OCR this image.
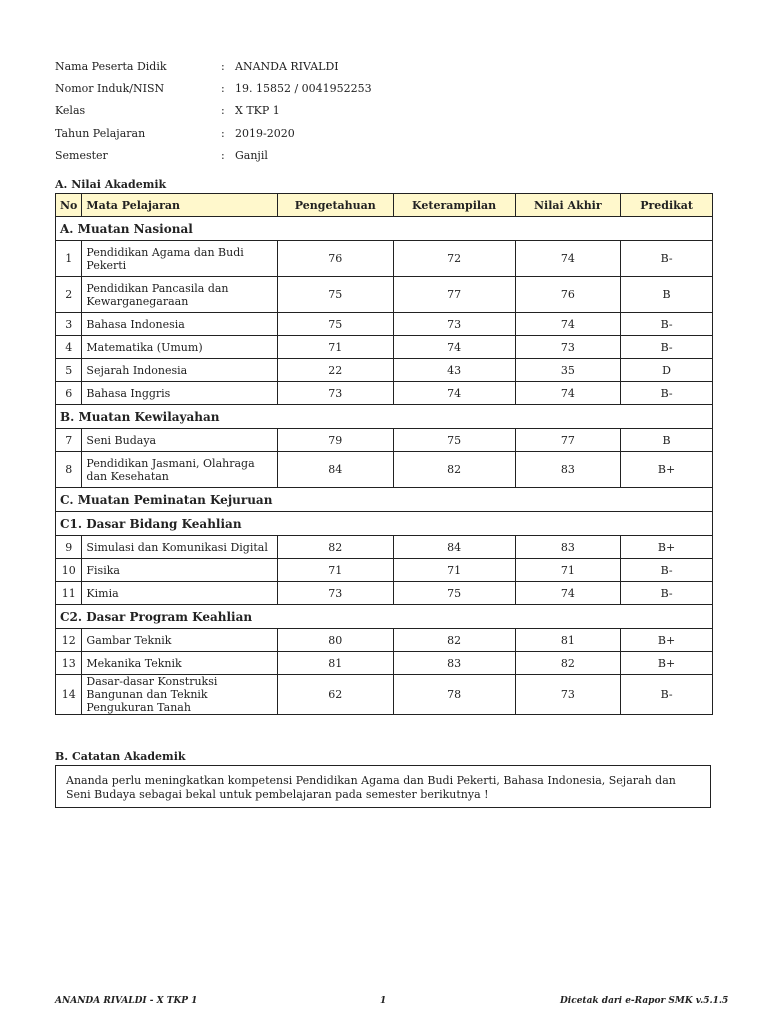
Nama Peserta Didik	: ANANDA RIVALDI
Nomor Induk/NISN	: 19. 15852 / 0041952253
Kelas	: X TKP 1
Tahun Pelajaran	: 2019-2020
Semester	: Ganjil
A. Nilai Akademik
No	Mata Pelajaran	Pengetahuan	Keterampilan	Nilai Akhir	Predikat
A. Muatan Nasional					
1	Pendidikan Agama dan Budi Pekerti	76	72	74	B-
2	Pendidikan Pancasila dan Kewarganegaraan	75	77	76	B
3	Bahasa Indonesia	75	73	74	B-
4	Matematika (Umum)	71	74	73	B-
5	Sejarah Indonesia	22	43	35	D
6	Bahasa Inggris	73	74	74	B-
B. Muatan Kewilayahan					
7	Seni Budaya	79	75	77	B
8	Pendidikan Jasmani, Olahraga dan Kesehatan	84	82	83	B+
C. Muatan Peminatan Kejuruan					
C1. Dasar Bidang Keahlian					
9	Simulasi dan Komunikasi Digital	82	84	83	B+
10	Fisika	71	71	71	B-
11	Kimia	73	75	74	B-
C2. Dasar Program Keahlian					
12	Gambar Teknik	80	82	81	B+
13	Mekanika Teknik	81	83	82	B+
14	Dasar-dasar Konstruksi Bangunan dan Teknik Pengukuran Tanah	62	78	73	B-
B. Catatan Akademik
Ananda perlu meningkatkan kompetensi Pendidikan Agama dan Budi Pekerti, Bahasa Indonesia, Sejarah dan Seni Budaya sebagai bekal untuk pembelajaran pada semester berikutnya !
ANANDA RIVALDI - X TKP 1	1	Dicetak dari e-Rapor SMK v.5.1.5
